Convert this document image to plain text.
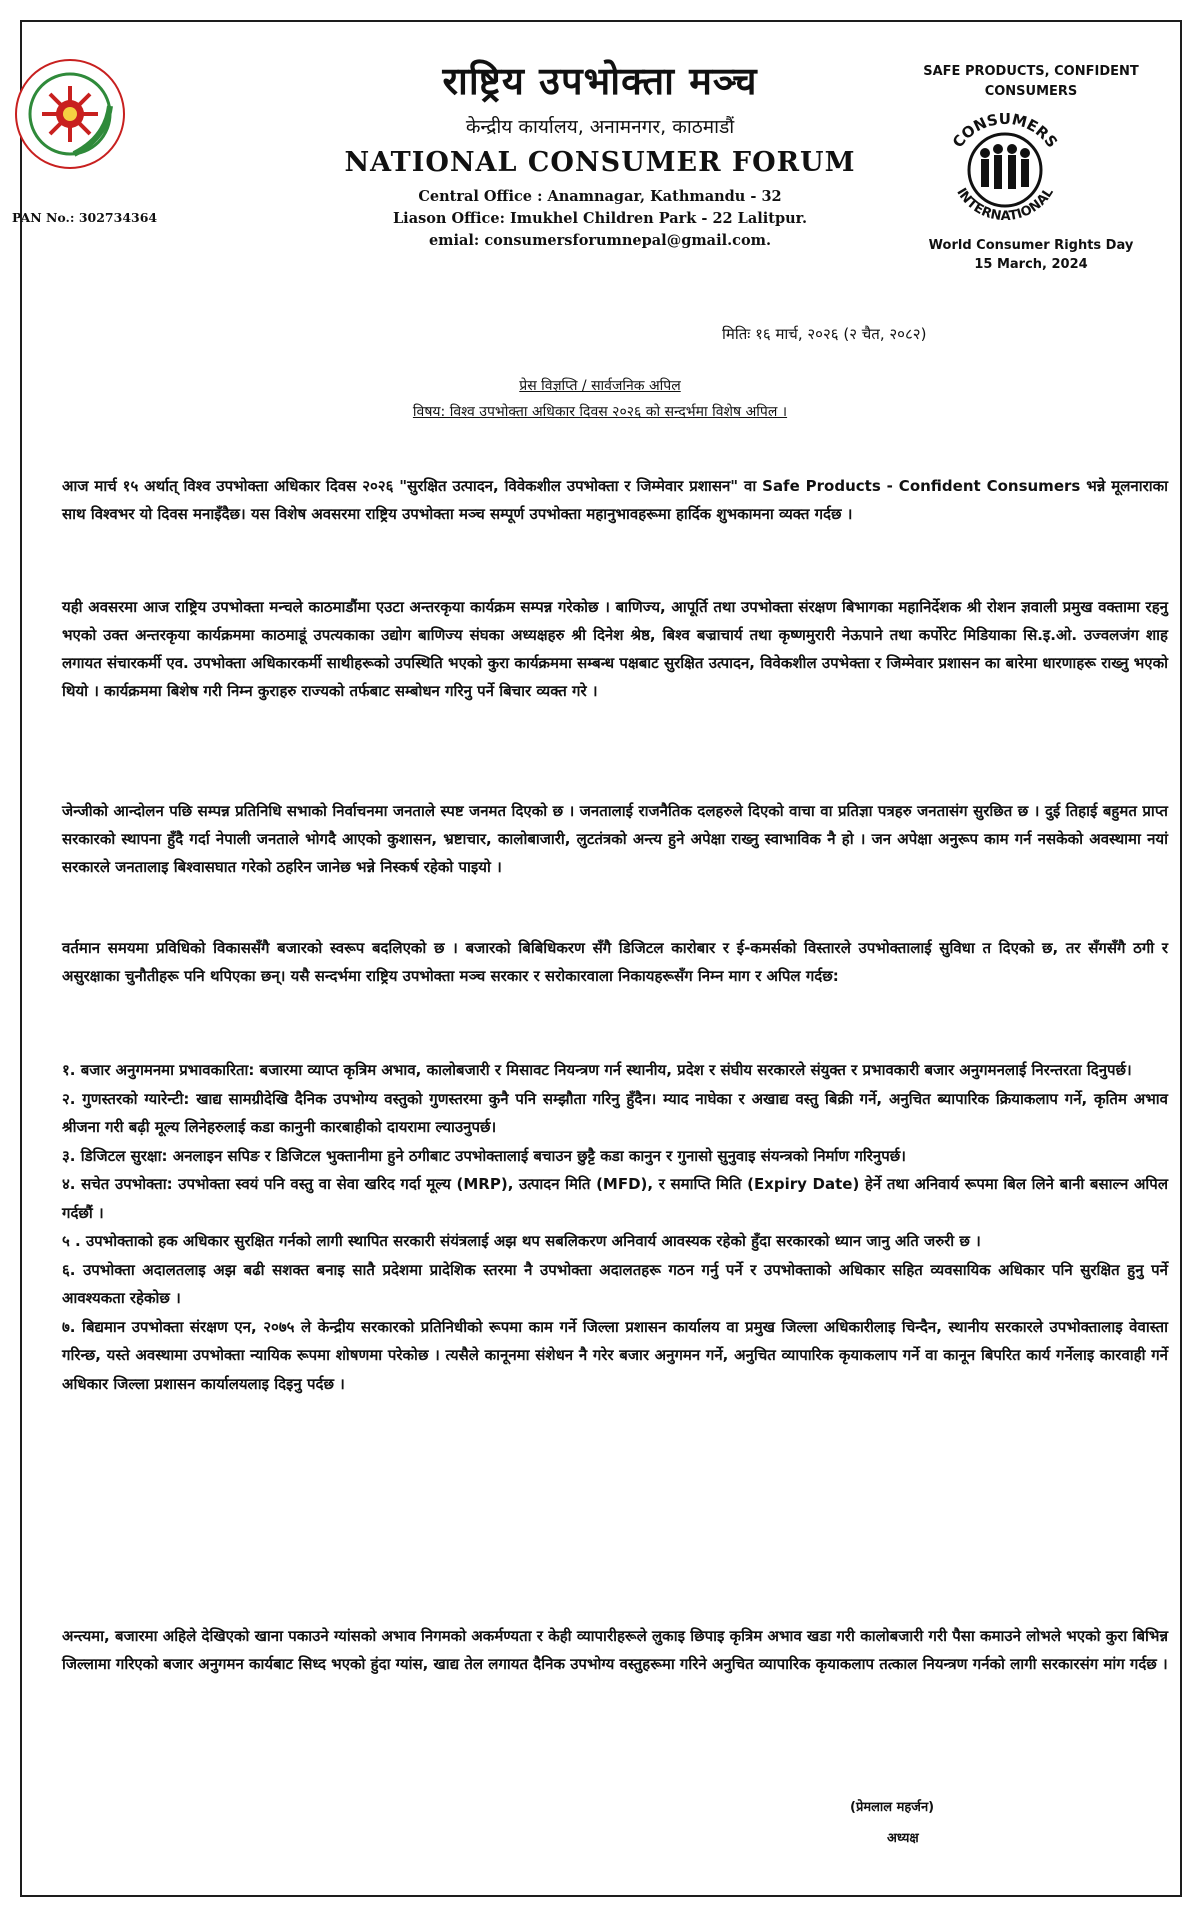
PAN No.: 302734364
राष्ट्रिय उपभोक्ता मञ्च
केन्द्रीय कार्यालय, अनामनगर, काठमाडौं
NATIONAL CONSUMER FORUM
Central Office : Anamnagar, Kathmandu - 32
Liason Office: Imukhel Children Park - 22 Lalitpur.
emial: consumersforumnepal@gmail.com.
SAFE PRODUCTS, CONFIDENT
CONSUMERS
CONSUMERS
INTERNATIONAL
World Consumer Rights Day
15 March, 2024
मितिः १६ मार्च, २०२६ (२ चैत, २०८२)
प्रेस विज्ञप्ति / सार्वजनिक अपिल
विषय: विश्व उपभोक्ता अधिकार दिवस २०२६ को सन्दर्भमा विशेष अपिल ।
आज मार्च १५ अर्थात् विश्व उपभोक्ता अधिकार दिवस २०२६ "सुरक्षित उत्पादन, विवेकशील उपभोक्ता र जिम्मेवार प्रशासन" वा Safe Products - Confident Consumers भन्ने मूलनाराका साथ विश्वभर यो दिवस मनाइँदैछ। यस विशेष अवसरमा राष्ट्रिय उपभोक्ता मञ्च सम्पूर्ण उपभोक्ता महानुभावहरूमा हार्दिक शुभकामना व्यक्त गर्दछ ।
यही अवसरमा आज राष्ट्रिय उपभोक्ता मन्चले काठमाडौंमा एउटा अन्तरकृया कार्यक्रम सम्पन्न गरेकोछ । बाणिज्य, आपूर्ति तथा उपभोक्ता संरक्षण बिभागका महानिर्देशक श्री रोशन ज्ञवाली प्रमुख वक्तामा रहनु भएको उक्त अन्तरकृया कार्यक्रममा काठमाडूं उपत्यकाका उद्योग बाणिज्य संघका अध्यक्षहरु श्री दिनेश श्रेष्ठ, बिश्व बज्राचार्य तथा कृष्णमुरारी नेऊपाने तथा कर्पोरेट मिडियाका सि.इ.ओ. उज्वलजंग शाह लगायत संचारकर्मी एव. उपभोक्ता अधिकारकर्मी साथीहरूको उपस्थिति भएको कुरा कार्यक्रममा सम्बन्ध पक्षबाट सुरक्षित उत्पादन, विवेकशील उपभेक्ता र जिम्मेवार प्रशासन का बारेमा धारणाहरू राख्नु भएको थियो । कार्यक्रममा बिशेष गरी निम्न कुराहरु राज्यको तर्फबाट सम्बोधन गरिनु पर्ने बिचार व्यक्त गरे ।
जेन्जीको आन्दोलन पछि सम्पन्न प्रतिनिधि सभाको निर्वाचनमा जनताले स्पष्ट जनमत दिएको छ । जनतालाई राजनैतिक दलहरुले दिएको वाचा वा प्रतिज्ञा पत्रहरु जनतासंग सुरछित छ । दुई तिहाई बहुमत प्राप्त सरकारको स्थापना हुँदै गर्दा नेपाली जनताले भोगदै आएको कुशासन, भ्रष्टाचार, कालोबाजारी, लुटतंत्रको अन्त्य हुने अपेक्षा राख्नु स्वाभाविक नै हो । जन अपेक्षा अनुरूप काम गर्न नसकेको अवस्थामा नयां सरकारले जनतालाइ बिश्वासघात गरेको ठहरिन जानेछ भन्ने निस्कर्ष रहेको पाइयो ।
वर्तमान समयमा प्रविधिको विकाससँगै बजारको स्वरूप बदलिएको छ । बजारको बिबिधिकरण सँगै डिजिटल कारोबार र ई-कमर्सको विस्तारले उपभोक्तालाई सुविधा त दिएको छ, तर सँगसँगै ठगी र असुरक्षाका चुनौतीहरू पनि थपिएका छन्। यसै सन्दर्भमा राष्ट्रिय उपभोक्ता मञ्च सरकार र सरोकारवाला निकायहरूसँग निम्न माग र अपिल गर्दछ:

१. बजार अनुगमनमा प्रभावकारिता: बजारमा व्याप्त कृत्रिम अभाव, कालोबजारी र मिसावट नियन्त्रण गर्न स्थानीय, प्रदेश र संघीय सरकारले संयुक्त र प्रभावकारी बजार अनुगमनलाई निरन्तरता दिनुपर्छ।

२. गुणस्तरको ग्यारेन्टी: खाद्य सामग्रीदेखि दैनिक उपभोग्य वस्तुको गुणस्तरमा कुनै पनि सम्झौता गरिनु हुँदैन। म्याद नाघेका र अखाद्य वस्तु बिक्री गर्ने, अनुचित ब्यापारिक क्रियाकलाप गर्ने, कृतिम अभाव श्रीजना गरी बढ़ी मूल्य लिनेहरुलाई कडा कानुनी कारबाहीको दायरामा ल्याउनुपर्छ।

३. डिजिटल सुरक्षा: अनलाइन सपिङ र डिजिटल भुक्तानीमा हुने ठगीबाट उपभोक्तालाई बचाउन छुट्टै कडा कानुन र गुनासो सुनुवाइ संयन्त्रको निर्माण गरिनुपर्छ।

४. सचेत उपभोक्ता: उपभोक्ता स्वयं पनि वस्तु वा सेवा खरिद गर्दा मूल्य (MRP), उत्पादन मिति (MFD), र समाप्ति मिति (Expiry Date) हेर्ने तथा अनिवार्य रूपमा बिल लिने बानी बसाल्न अपिल गर्दछौं ।

५ . उपभोक्ताको हक अधिकार सुरक्षित गर्नको लागी स्थापित सरकारी संयंत्रलाई अझ थप सबलिकरण अनिवार्य आवस्यक रहेको हुँदा सरकारको ध्यान जानु अति जरुरी छ ।

६. उपभोक्ता अदालतलाइ अझ बढी सशक्त बनाइ सातै प्रदेशमा प्रादेशिक स्तरमा नै उपभोक्ता अदालतहरू गठन गर्नु पर्ने र उपभोक्ताको अधिकार सहित व्यवसायिक अधिकार पनि सुरक्षित हुनु पर्ने आवश्यकता रहेकोछ ।

७. बिद्यमान उपभोक्ता संरक्षण एन, २०७५ ले केन्द्रीय सरकारको प्रतिनिधीको रूपमा काम गर्ने जिल्ला प्रशासन कार्यालय वा प्रमुख जिल्ला अधिकारीलाइ चिन्दैन, स्थानीय सरकारले उपभोक्तालाइ वेवास्ता गरिन्छ, यस्ते अवस्थामा उपभोक्ता न्यायिक रूपमा शोषणमा परेकोछ । त्यसैले कानूनमा संशेधन नै गरेर बजार अनुगमन गर्ने, अनुचित व्यापारिक कृयाकलाप गर्ने वा कानून बिपरित कार्य गर्नेलाइ कारवाही गर्ने अधिकार जिल्ला प्रशासन कार्यालयलाइ दिइनु पर्दछ ।

अन्त्यमा, बजारमा अहिले देखिएको खाना पकाउने ग्यांसको अभाव निगमको अकर्मण्यता र केही व्यापारीहरूले लुकाइ छिपाइ कृत्रिम अभाव खडा गरी कालोबजारी गरी पैसा कमाउने लोभले भएको कुरा बिभिन्न जिल्लामा गरिएको बजार अनुगमन कार्यबाट सिध्द भएको हुंदा ग्यांस, खाद्य तेल लगायत दैनिक उपभोग्य वस्तुहरूमा गरिने अनुचित व्यापारिक कृयाकलाप तत्काल नियन्त्रण गर्नको लागी सरकारसंग मांग गर्दछ ।
(प्रेमलाल महर्जन)
अध्यक्ष
